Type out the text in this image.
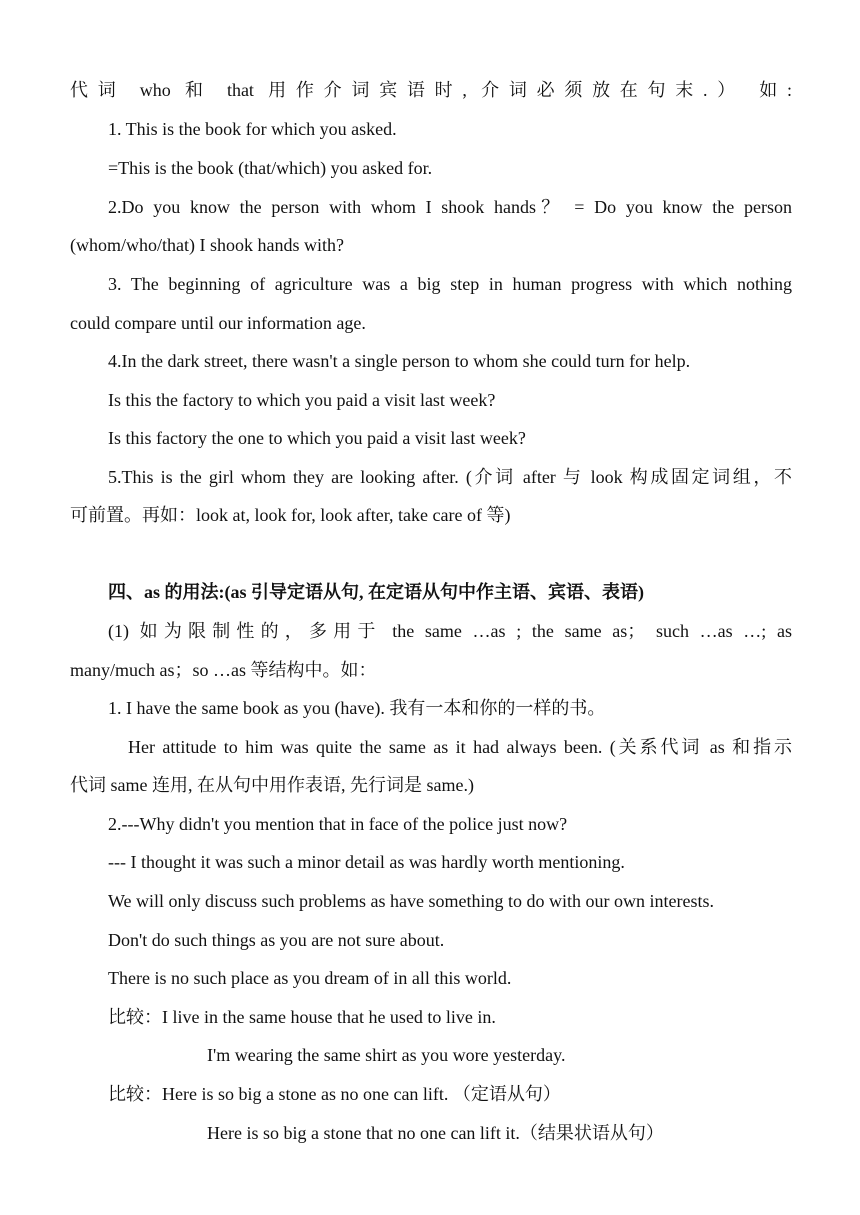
代词 who 和 that 用作介词宾语时, 介词必须放在句末.） 如:
1. This is the book for which you asked.
=This is the book (that/which) you asked for.
2.Do you know the person with whom I shook hands？ = Do you know the person
(whom/who/that) I shook hands with?
3. The beginning of agriculture was a big step in human progress with which nothing
could compare until our information age.
4.In the dark street, there wasn't a single person to whom she could turn for help.
Is this the factory to which you paid a visit last week?
Is this factory the one to which you paid a visit last week?
5.This is the girl whom they are looking after. (介词 after 与 look 构成固定词组，不
可前置。再如：look at, look for, look after, take care of 等)
四、as 的用法:(as 引导定语从句, 在定语从句中作主语、宾语、表语)
(1) 如为限制性的，多用于 the same …as ; the same as； such …as …; as
many/much as；so …as 等结构中。如：
1. I have the same book as you (have). 我有一本和你的一样的书。
Her attitude to him was quite the same as it had always been. (关系代词 as 和指示
代词 same 连用, 在从句中用作表语, 先行词是 same.)
2.---Why didn't you mention that in face of the police just now?
--- I thought it was such a minor detail as was hardly worth mentioning.
We will only discuss such problems as have something to do with our own interests.
Don't do such things as you are not sure about.
There is no such place as you dream of in all this world.
比较：I live in the same house that he used to live in.
I'm wearing the same shirt as you wore yesterday.
比较：Here is so big a stone as no one can lift. （定语从句）
Here is so big a stone that no one can lift it.（结果状语从句）
